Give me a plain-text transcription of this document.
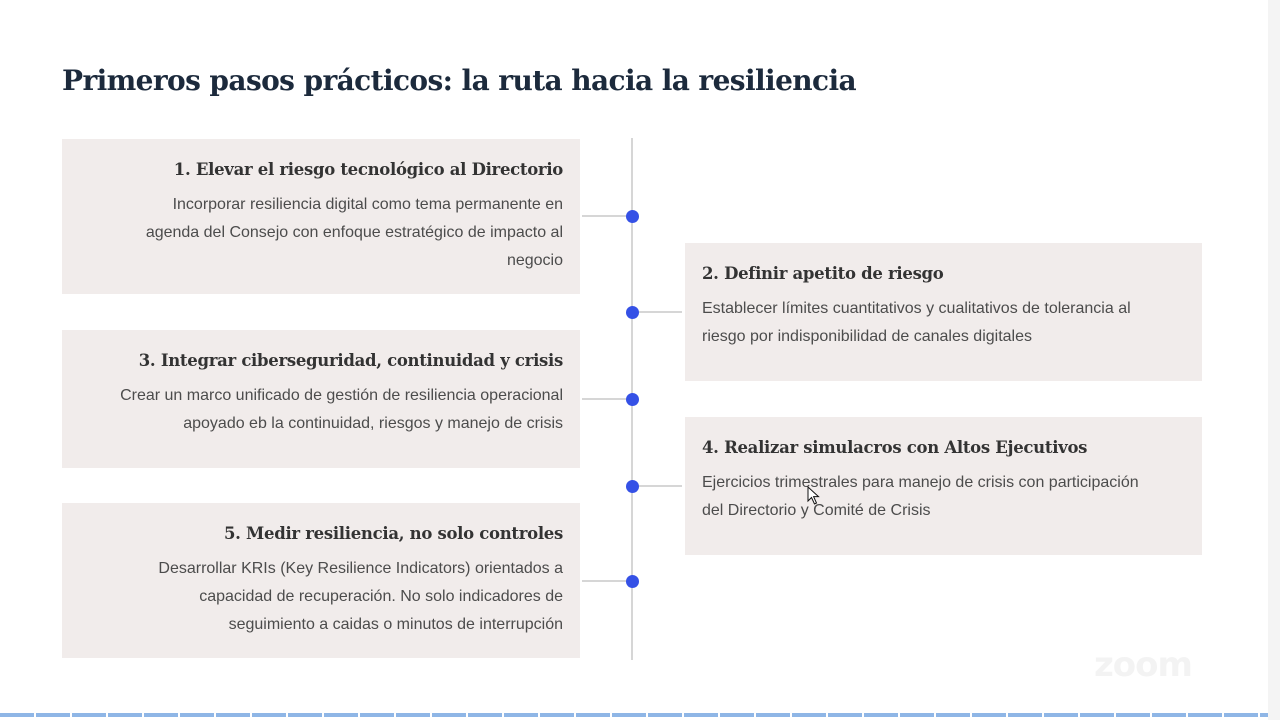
Primeros pasos prácticos: la ruta hacia la resiliencia
1. Elevar el riesgo tecnológico al Directorio
Incorporar resiliencia digital como tema permanente en
agenda del Consejo con enfoque estratégico de impacto al
negocio
2. Definir apetito de riesgo
Establecer límites cuantitativos y cualitativos de tolerancia al
riesgo por indisponibilidad de canales digitales
3. Integrar ciberseguridad, continuidad y crisis
Crear un marco unificado de gestión de resiliencia operacional
apoyado eb la continuidad, riesgos y manejo de crisis
4. Realizar simulacros con Altos Ejecutivos
Ejercicios trimestrales para manejo de crisis con participación
del Directorio y Comité de Crisis
5. Medir resiliencia, no solo controles
Desarrollar KRIs (Key Resilience Indicators) orientados a
capacidad de recuperación. No solo indicadores de
seguimiento a caidas o minutos de interrupción
zoom
